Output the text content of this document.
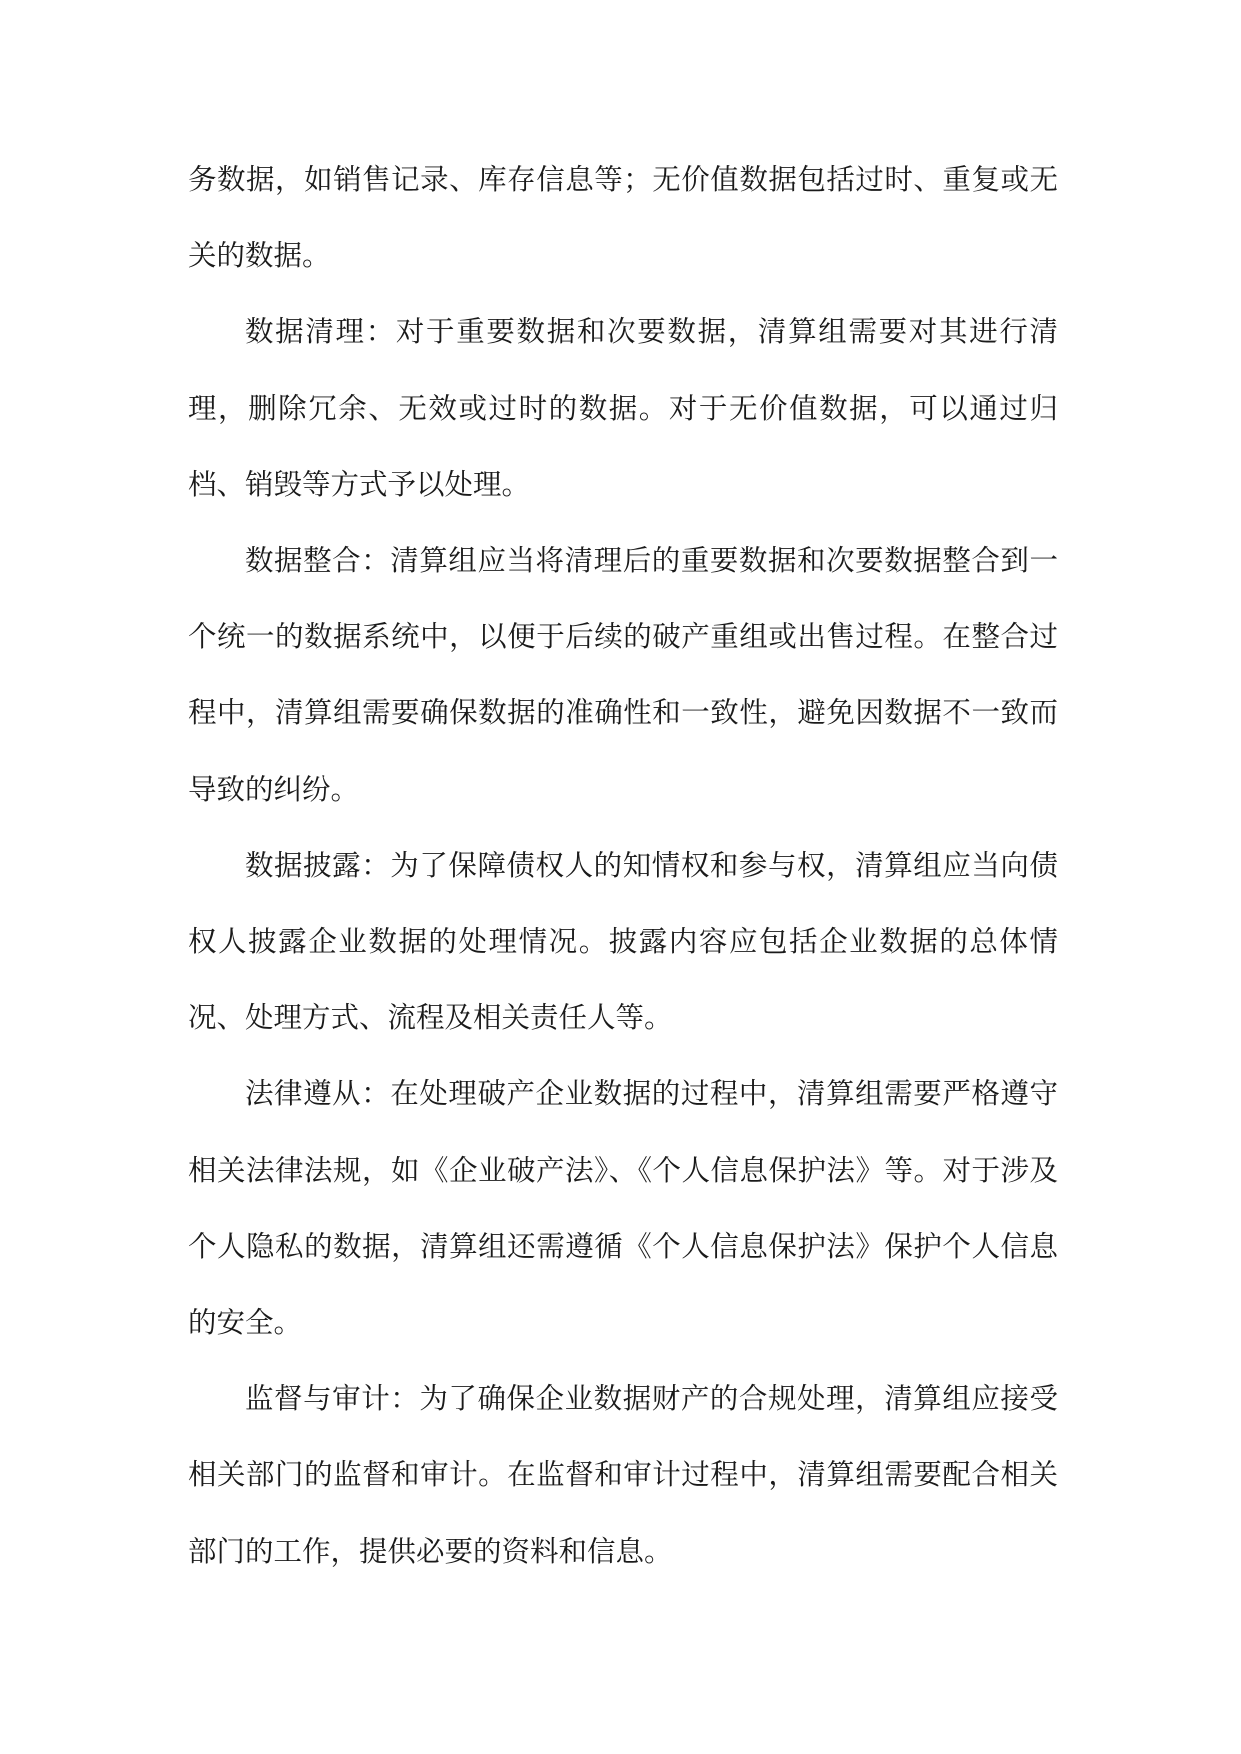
务数据，如销售记录、库存信息等；无价值数据包括过时、重复或无关的数据。

数据清理：对于重要数据和次要数据，清算组需要对其进行清理，删除冗余、无效或过时的数据。对于无价值数据，可以通过归档、销毁等方式予以处理。

数据整合：清算组应当将清理后的重要数据和次要数据整合到一个统一的数据系统中，以便于后续的破产重组或出售过程。在整合过程中，清算组需要确保数据的准确性和一致性，避免因数据不一致而导致的纠纷。

数据披露：为了保障债权人的知情权和参与权，清算组应当向债权人披露企业数据的处理情况。披露内容应包括企业数据的总体情况、处理方式、流程及相关责任人等。

法律遵从：在处理破产企业数据的过程中，清算组需要严格遵守相关法律法规，如《企业破产法》、《个人信息保护法》等。对于涉及个人隐私的数据，清算组还需遵循《个人信息保护法》保护个人信息的安全。

监督与审计：为了确保企业数据财产的合规处理，清算组应接受相关部门的监督和审计。在监督和审计过程中，清算组需要配合相关部门的工作，提供必要的资料和信息。
